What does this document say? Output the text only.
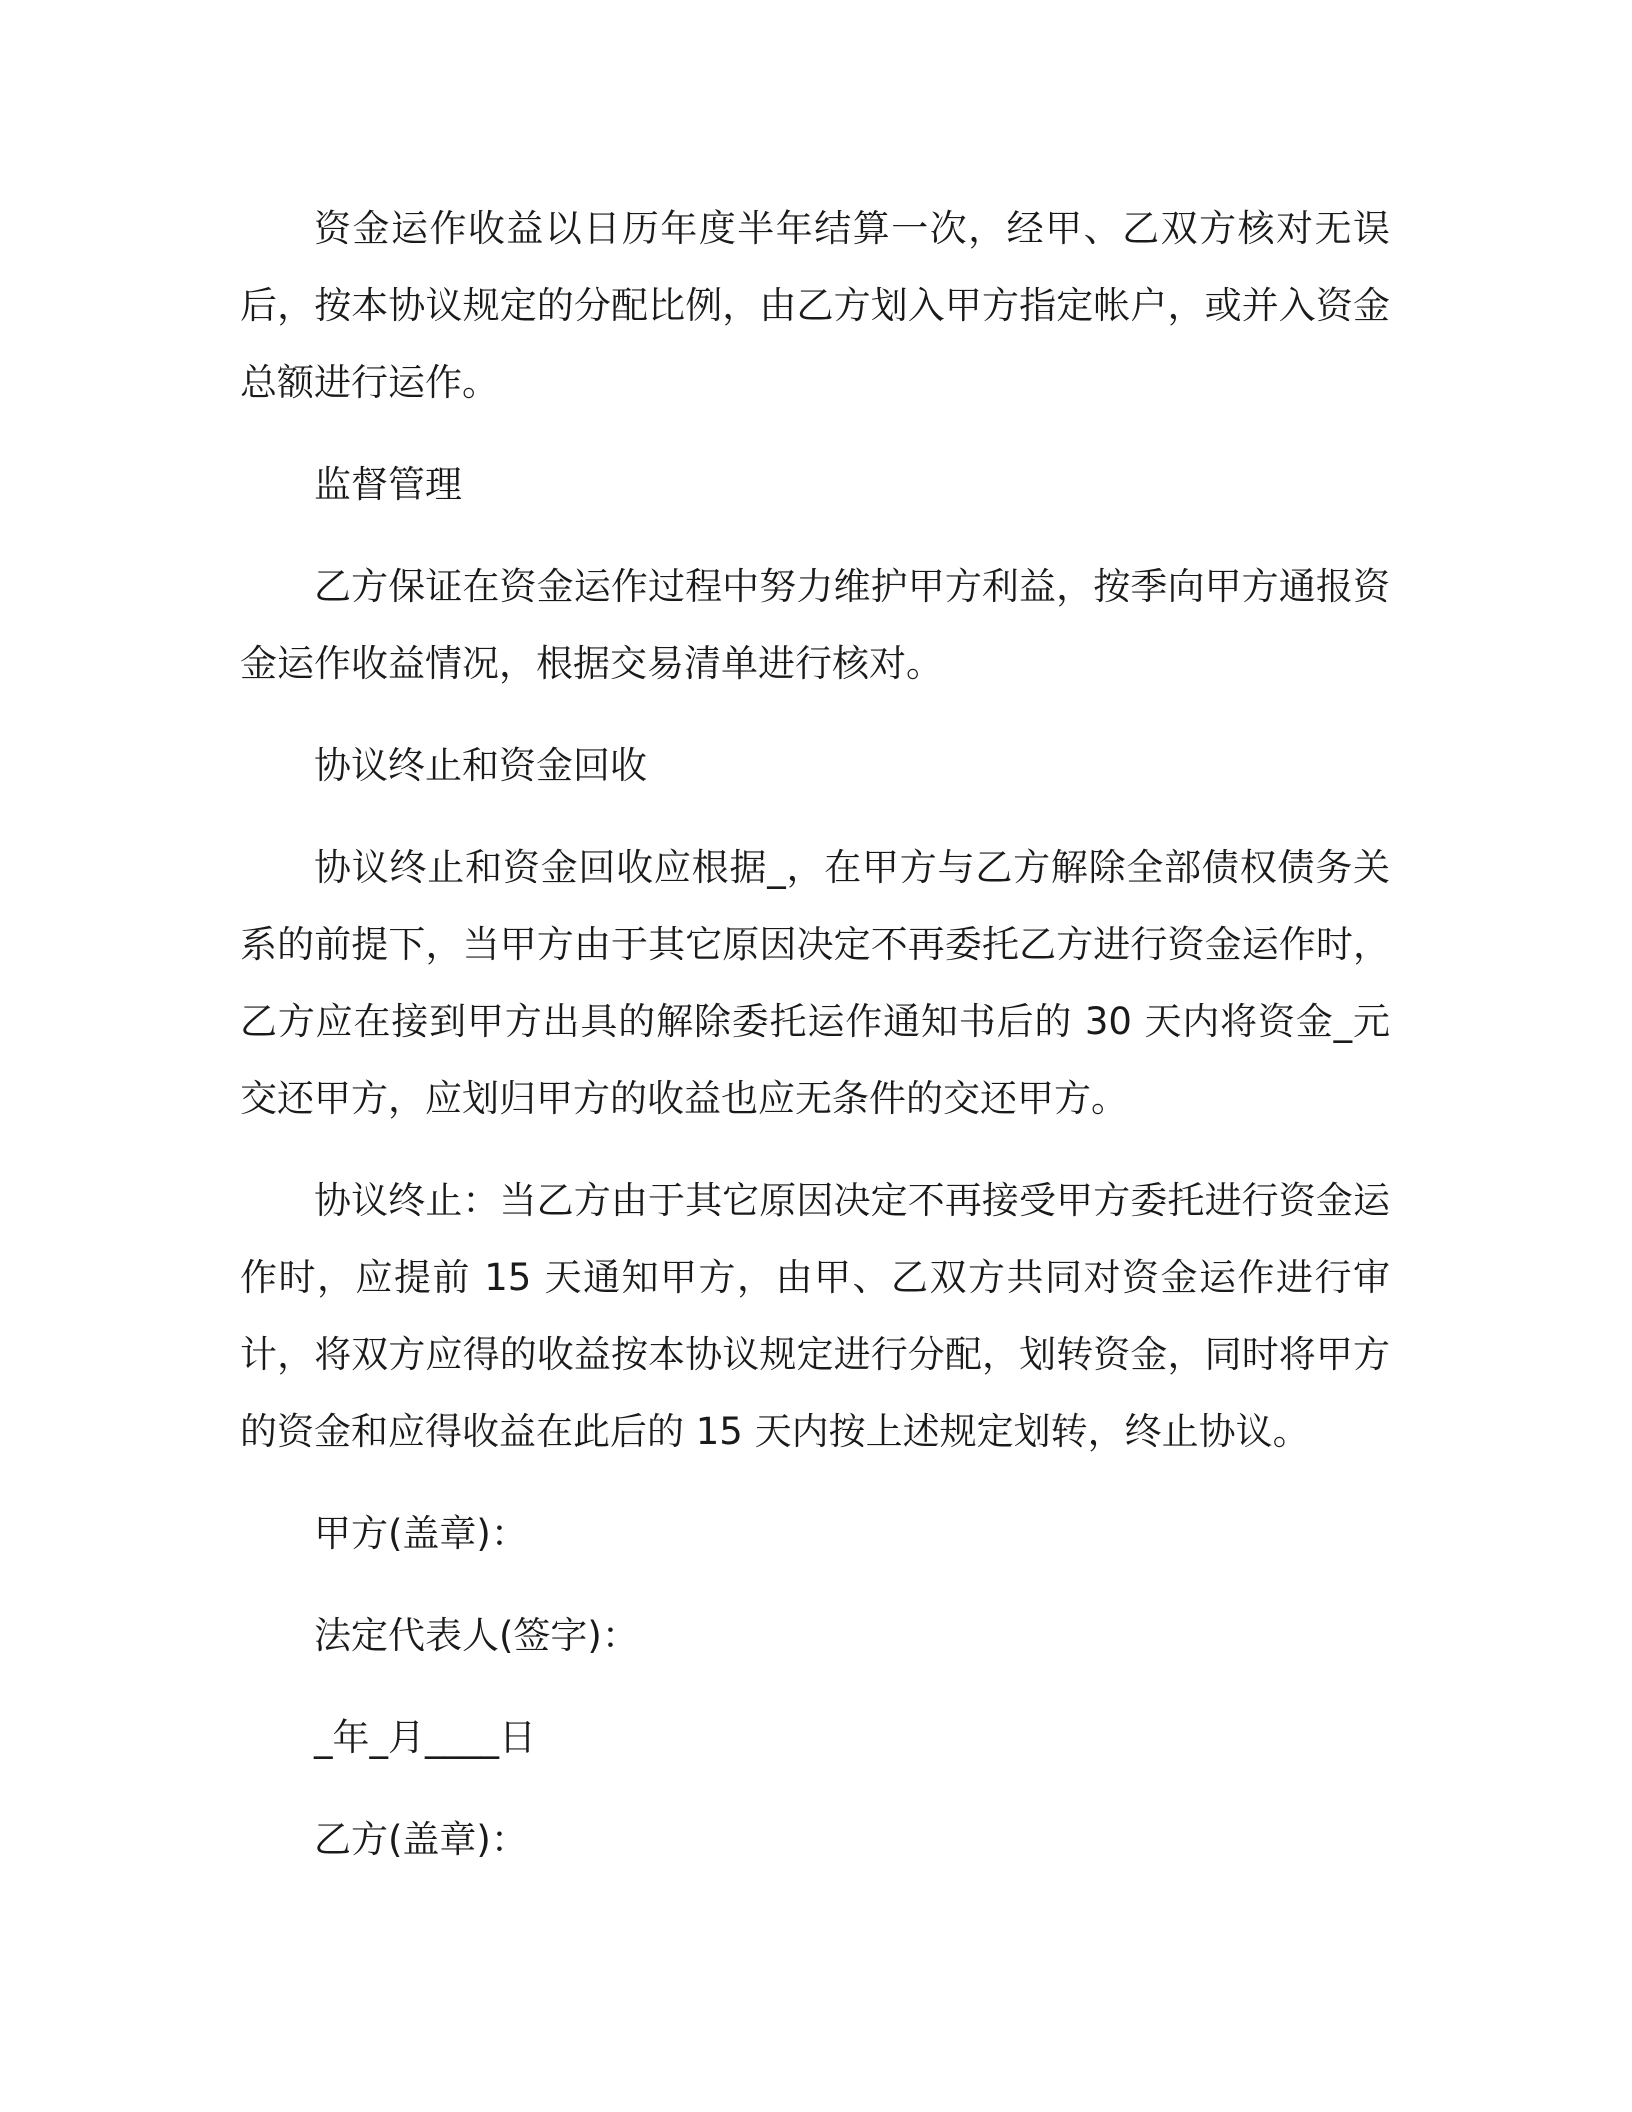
资金运作收益以日历年度半年结算一次，经甲、乙双方核对无误后，按本协议规定的分配比例，由乙方划入甲方指定帐户，或并入资金总额进行运作。

监督管理

乙方保证在资金运作过程中努力维护甲方利益，按季向甲方通报资金运作收益情况，根据交易清单进行核对。

协议终止和资金回收

协议终止和资金回收应根据_，在甲方与乙方解除全部债权债务关系的前提下，当甲方由于其它原因决定不再委托乙方进行资金运作时，乙方应在接到甲方出具的解除委托运作通知书后的 30 天内将资金_元交还甲方，应划归甲方的收益也应无条件的交还甲方。

协议终止：当乙方由于其它原因决定不再接受甲方委托进行资金运作时，应提前 15 天通知甲方，由甲、乙双方共同对资金运作进行审计，将双方应得的收益按本协议规定进行分配，划转资金，同时将甲方的资金和应得收益在此后的 15 天内按上述规定划转，终止协议。

甲方(盖章)：

法定代表人(签字)：

_年_月____日

乙方(盖章)：
